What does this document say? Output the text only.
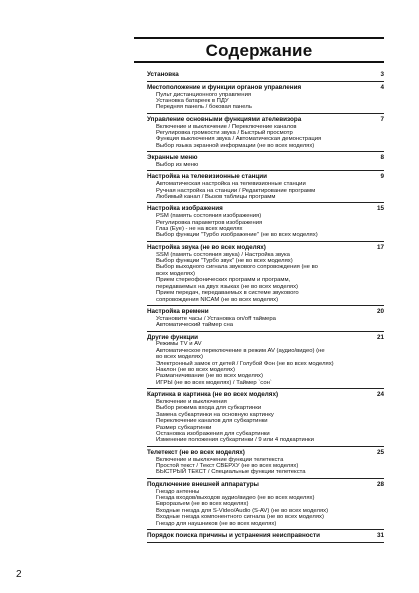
Содержание
Установка	3
Местоположение и функции органов управления	4
Пульт дистанционного управления
Установка батареек в ПДУ
Передняя панель / боковая панель
Управление основными функциями ателевизора	7
Включение и выключение / Переключение каналов
Регулировка громкости звука / Быстрый просмотр
Функция выключения звука / Автоматическая демонстрация
Выбор языка экранной информации (не во всех моделях)
Экранные меню	8
Выбор из меню
Настройка на телевизионные станции	9
Автоматическая настройка на телевизионные станции
Ручная настройка на станции / Редактирование программ
Любимый канал / Вызов таблицы программ
Настройка изображения	15
PSM (память состояния изображения)
Регулировка параметров изображения
Глаз (Eye) - не на всех моделях
Выбор функции "Турбо изображение" (не во всех моделях)
Настройка звука (не во всех моделях)	17
SSM (память состояния звука) / Настройка звука
Выбор функции "Турбо звук" (не во всех моделях)
Выбор выходного сигнала звукового сопровождения (не во
всех моделях)
Прием стереофонических программ и программ,
передаваемых на двух языках (не во всех моделях)
Прием передач, передаваемых в системе звукового
сопровождения NICAM (не во всех моделях)
Настройка времени	20
Установите часы / Установка on/off таймера
Автоматический таймер сна
Другие функции	21
Режимы TV и AV
Автоматическое переключение в режим AV (аудио/видео) (не
во всех моделях)
Электронный замок от детей / Голубой Фон (не во всех моделях)
Наклон (не во всех моделях)
Размагничивание (не во всех моделях)
ИГРЫ (не во всех моделях) / Таймер `сон`
Картинка в картинка (не во всех моделях)	24
Включение и выключения
Выбор режима входа для субкартинки
Замена субкартинки на основную картинку
Переключение каналов для субкартинки
Размер субкартинки
Остановка изображения для субкартинки
Изменение положения субкартинки / 9 или 4 подкартинки
Телетекст (не во всех моделях)	25
Включение и выключение функции телетекста
Простой текст / Текст СВЕРХУ (не во всех моделях)
БЫСТРЫЙ ТЕКСТ / Специальные функции телетекста
Подключение внешней аппаратуры	28
Гнездо антенны
Гнезда входов/выходов аудио/видео (не во всех моделях)
Евроразъем (не во всех моделях)
Входные гнезда для S-Video/Audio (S-AV) (не во всех моделях)
Входные гнезда компонентного сигнала (не во всех моделях)
Гнездо для наушников (не во всех моделях)
Порядок поиска причины и устранения неисправности	31
2
